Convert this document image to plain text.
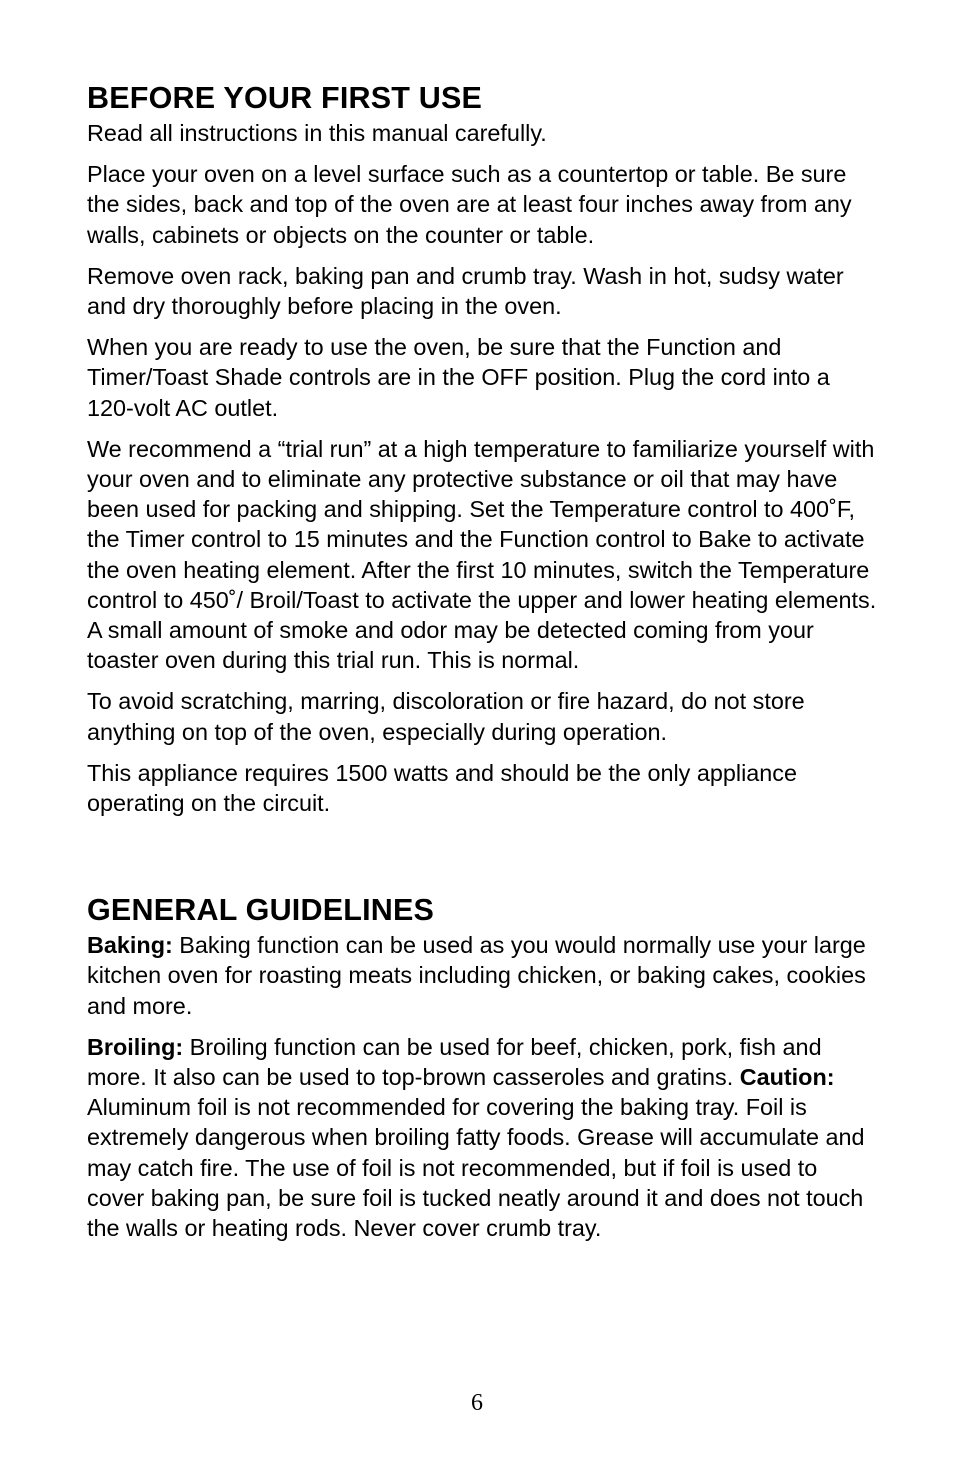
BEFORE YOUR FIRST USE

Read all instructions in this manual carefully.

Place your oven on a level surface such as a countertop or table. Be sure the sides, back and top of the oven are at least four inches away from any walls, cabinets or objects on the counter or table.

Remove oven rack, baking pan and crumb tray. Wash in hot, sudsy water and dry thoroughly before placing in the oven.

When you are ready to use the oven, be sure that the Function and Timer/Toast Shade controls are in the OFF position. Plug the cord into a 120-volt AC outlet.

We recommend a “trial run” at a high temperature to familiarize yourself with your oven and to eliminate any protective substance or oil that may have been used for packing and shipping. Set the Temperature control to 400˚F, the Timer control to 15 minutes and the Function control to Bake to activate the oven heating element. After the first 10 minutes, switch the Temperature control to 450˚/ Broil/Toast to activate the upper and lower heating elements. A small amount of smoke and odor may be detected coming from your toaster oven during this trial run. This is normal.

To avoid scratching, marring, discoloration or fire hazard, do not store anything on top of the oven, especially during operation.

This appliance requires 1500 watts and should be the only appliance operating on the circuit.

GENERAL GUIDELINES

Baking: Baking function can be used as you would normally use your large kitchen oven for roasting meats including chicken, or baking cakes, cookies and more.

Broiling: Broiling function can be used for beef, chicken, pork, fish and more. It also can be used to top-brown casseroles and gratins. Caution: Aluminum foil is not recommended for covering the baking tray. Foil is extremely dangerous when broiling fatty foods. Grease will accumulate and may catch fire. The use of foil is not recommended, but if foil is used to cover baking pan, be sure foil is tucked neatly around it and does not touch the walls or heating rods. Never cover crumb tray.

6
